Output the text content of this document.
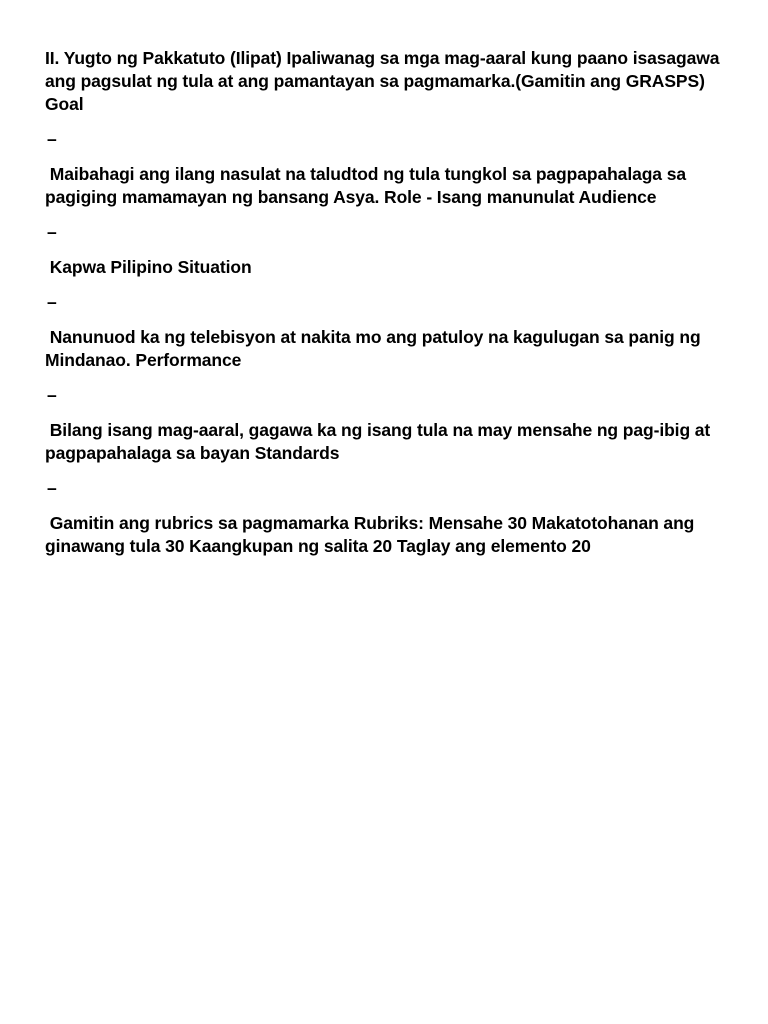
II. Yugto ng Pakkatuto (Ilipat) Ipaliwanag sa mga mag-aaral kung paano isasagawa ang pagsulat ng tula at ang pamantayan sa pagmamarka.(Gamitin ang GRASPS) Goal

–

Maibahagi ang ilang nasulat na taludtod ng tula tungkol sa pagpapahalaga sa pagiging mamamayan ng bansang Asya. Role - Isang manunulat Audience

–

Kapwa Pilipino Situation

–

Nanunuod ka ng telebisyon at nakita mo ang patuloy na kagulugan sa panig ng Mindanao. Performance

–

Bilang isang mag-aaral, gagawa ka ng isang tula na may mensahe ng pag-ibig at pagpapahalaga sa bayan Standards

–

Gamitin ang rubrics sa pagmamarka Rubriks: Mensahe 30 Makatotohanan ang ginawang tula 30 Kaangkupan ng salita 20 Taglay ang elemento 20
